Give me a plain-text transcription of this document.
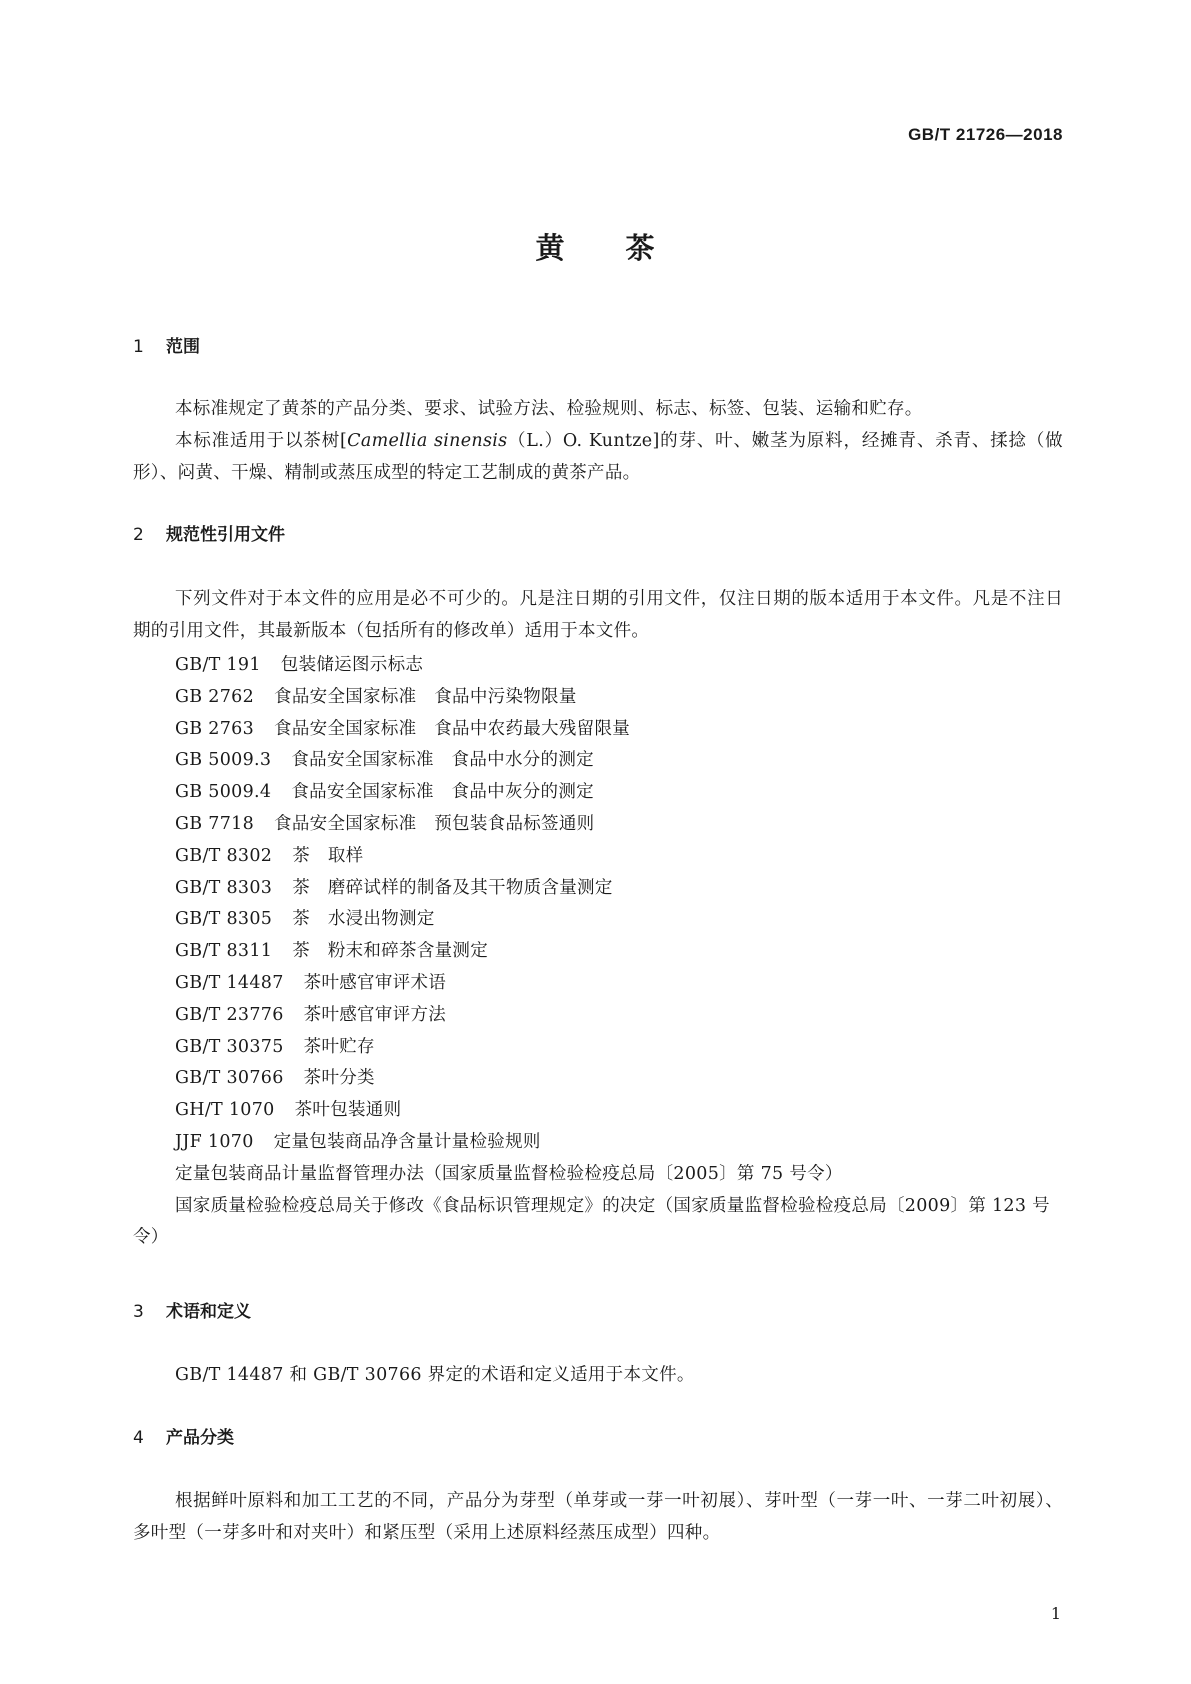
GB/T 21726—2018
黄　　茶
1 范围
本标准规定了黄茶的产品分类、要求、试验方法、检验规则、标志、标签、包装、运输和贮存。
本标准适用于以茶树[Camellia sinensis（L.）O. Kuntze]的芽、叶、嫩茎为原料，经摊青、杀青、揉捻（做形）、闷黄、干燥、精制或蒸压成型的特定工艺制成的黄茶产品。
2 规范性引用文件
下列文件对于本文件的应用是必不可少的。凡是注日期的引用文件，仅注日期的版本适用于本文件。凡是不注日期的引用文件，其最新版本（包括所有的修改单）适用于本文件。
GB/T 191 包装储运图示标志
GB 2762 食品安全国家标准　食品中污染物限量
GB 2763 食品安全国家标准　食品中农药最大残留限量
GB 5009.3 食品安全国家标准　食品中水分的测定
GB 5009.4 食品安全国家标准　食品中灰分的测定
GB 7718 食品安全国家标准　预包装食品标签通则
GB/T 8302 茶　取样
GB/T 8303 茶　磨碎试样的制备及其干物质含量测定
GB/T 8305 茶　水浸出物测定
GB/T 8311 茶　粉末和碎茶含量测定
GB/T 14487 茶叶感官审评术语
GB/T 23776 茶叶感官审评方法
GB/T 30375 茶叶贮存
GB/T 30766 茶叶分类
GH/T 1070 茶叶包装通则
JJF 1070 定量包装商品净含量计量检验规则
定量包装商品计量监督管理办法（国家质量监督检验检疫总局〔2005〕第 75 号令）
国家质量检验检疫总局关于修改《食品标识管理规定》的决定（国家质量监督检验检疫总局〔2009〕第 123 号令）
3 术语和定义
GB/T 14487 和 GB/T 30766 界定的术语和定义适用于本文件。
4 产品分类
根据鲜叶原料和加工工艺的不同，产品分为芽型（单芽或一芽一叶初展）、芽叶型（一芽一叶、一芽二叶初展）、多叶型（一芽多叶和对夹叶）和紧压型（采用上述原料经蒸压成型）四种。
1
